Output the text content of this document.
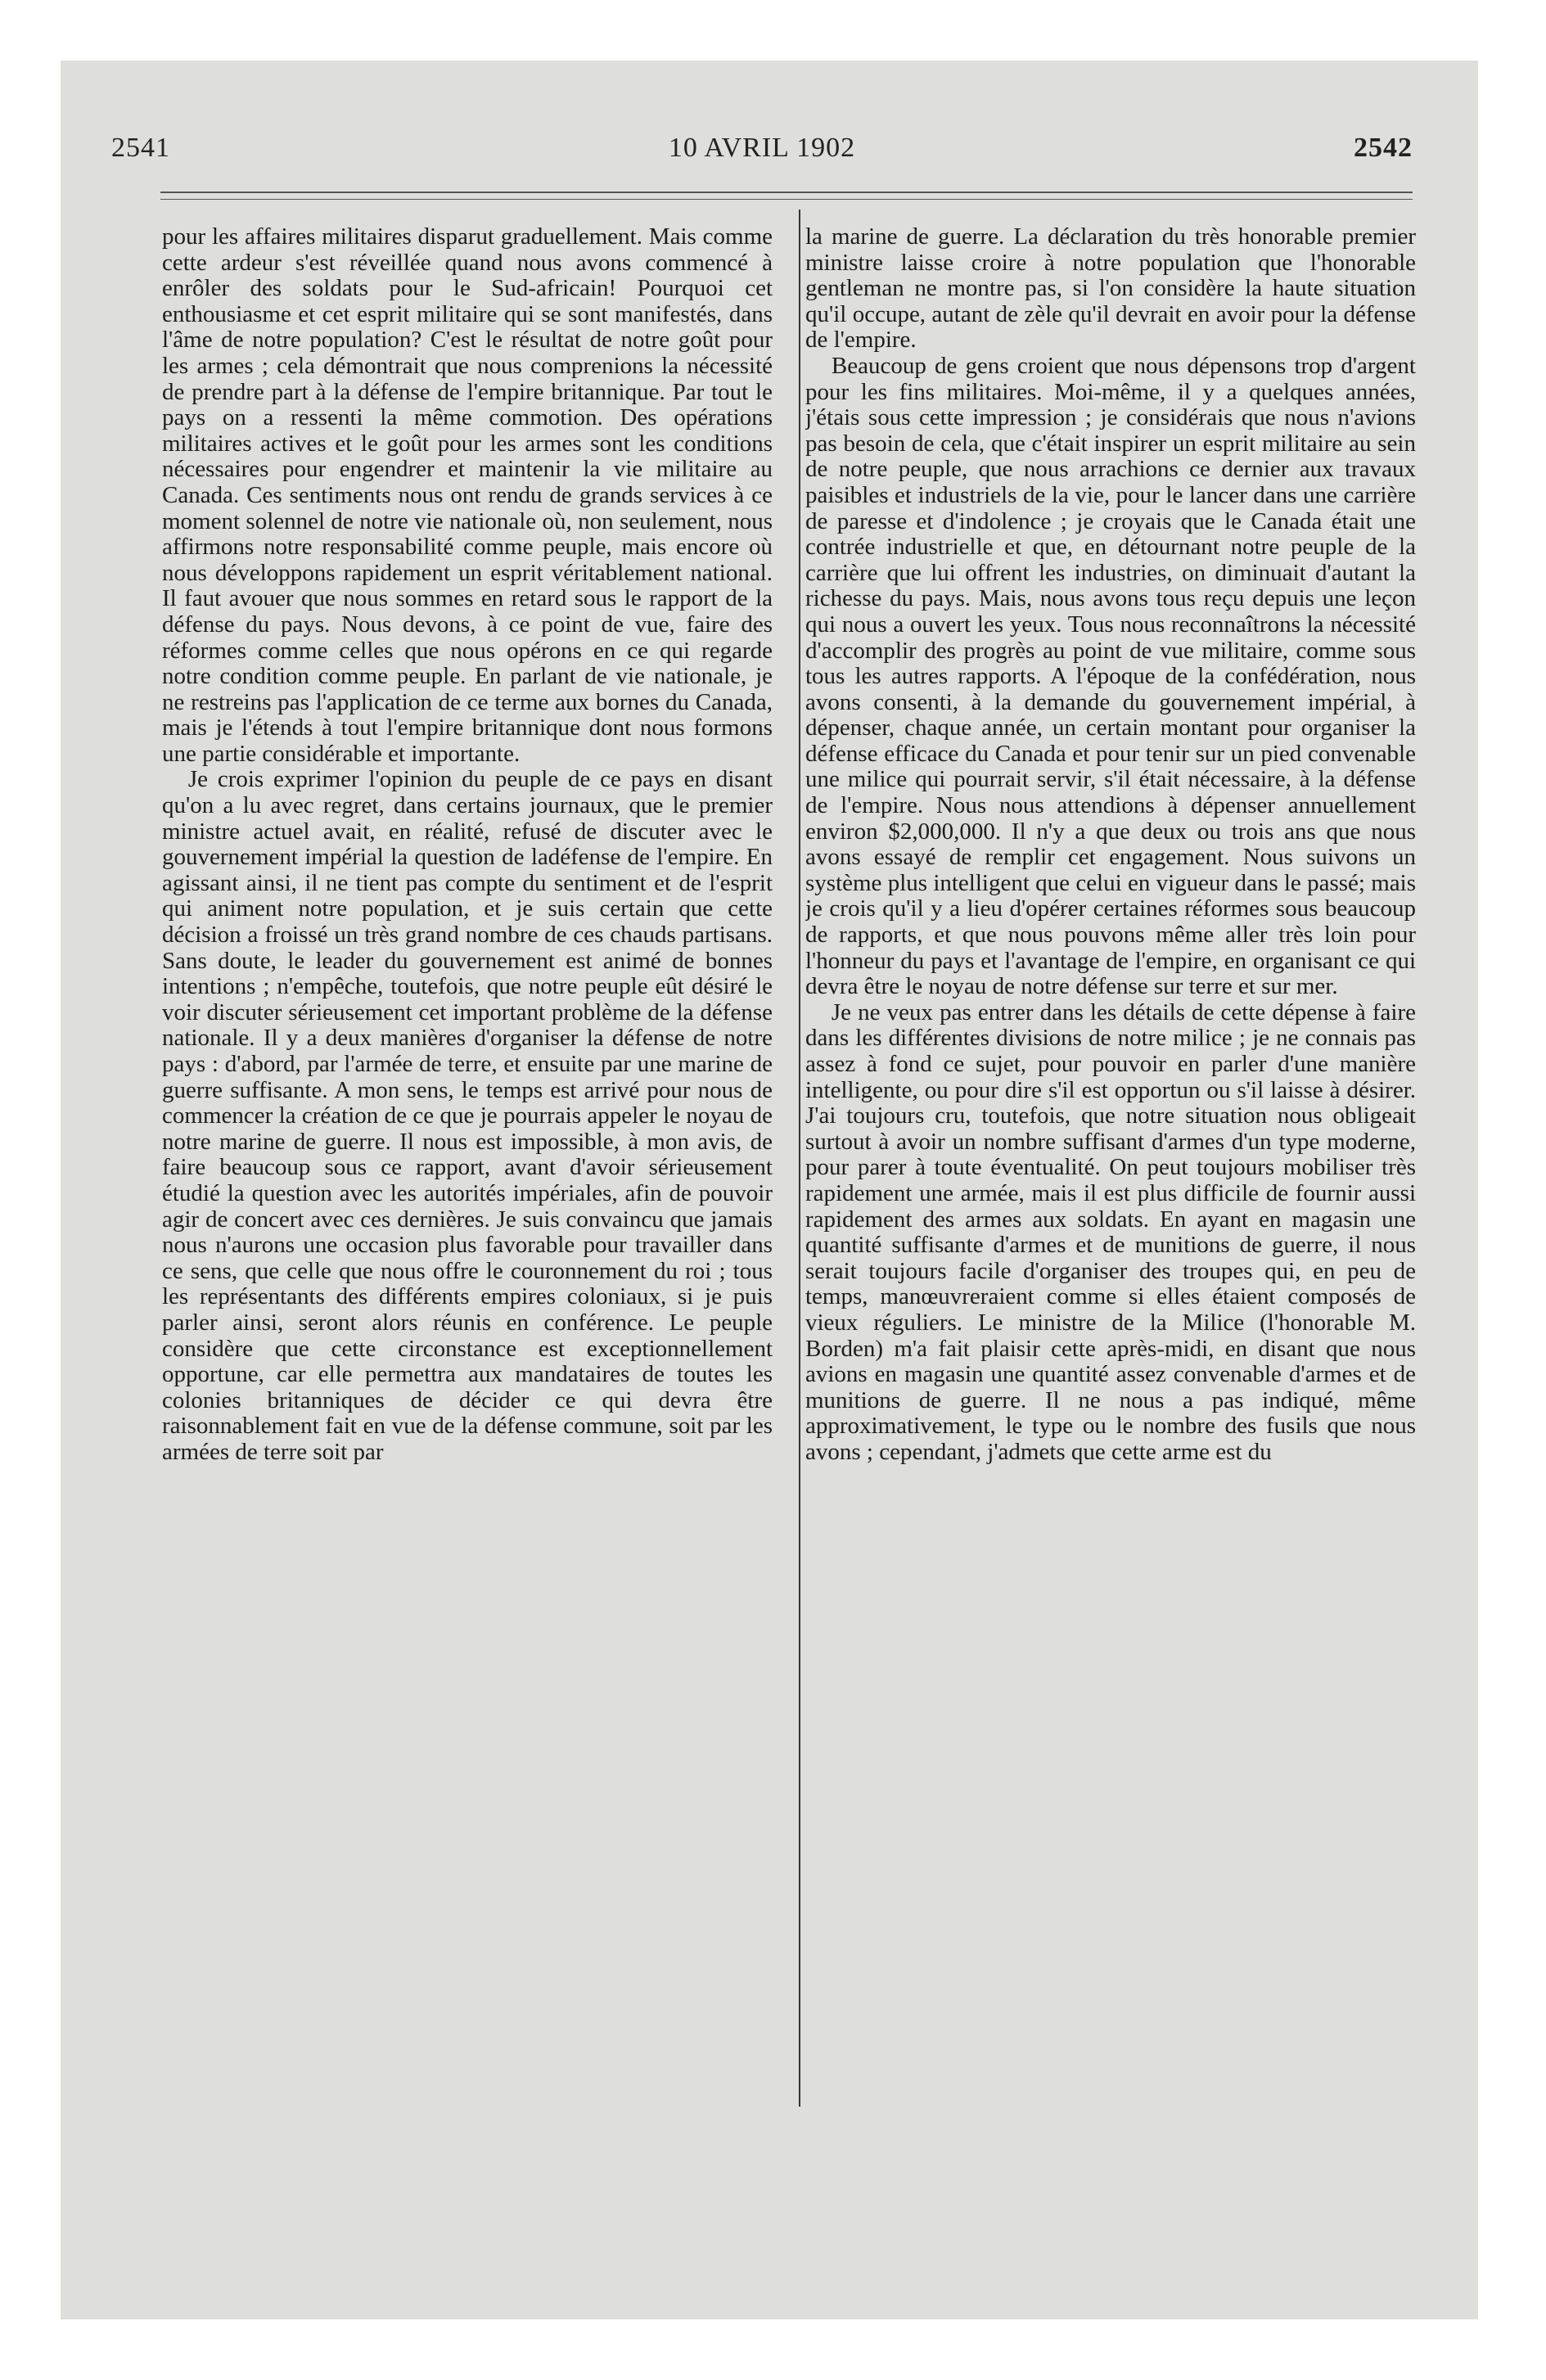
2541	10 AVRIL 1902	2542

pour les affaires militaires disparut graduellement. Mais comme cette ardeur s'est réveillée quand nous avons commencé à enrôler des soldats pour le Sud-africain! Pourquoi cet enthousiasme et cet esprit militaire qui se sont manifestés, dans l'âme de notre population? C'est le résultat de notre goût pour les armes ; cela démontrait que nous comprenions la nécessité de prendre part à la défense de l'empire britannique. Par tout le pays on a ressenti la même commotion. Des opérations militaires actives et le goût pour les armes sont les conditions nécessaires pour engendrer et maintenir la vie militaire au Canada. Ces sentiments nous ont rendu de grands services à ce moment solennel de notre vie nationale où, non seulement, nous affirmons notre responsabilité comme peuple, mais encore où nous développons rapidement un esprit véritablement national. Il faut avouer que nous sommes en retard sous le rapport de la défense du pays. Nous devons, à ce point de vue, faire des réformes comme celles que nous opérons en ce qui regarde notre condition comme peuple. En parlant de vie nationale, je ne restreins pas l'application de ce terme aux bornes du Canada, mais je l'étends à tout l'empire britannique dont nous formons une partie considérable et importante.

Je crois exprimer l'opinion du peuple de ce pays en disant qu'on a lu avec regret, dans certains journaux, que le premier ministre actuel avait, en réalité, refusé de discuter avec le gouvernement impérial la question de ladéfense de l'empire. En agissant ainsi, il ne tient pas compte du sentiment et de l'esprit qui animent notre population, et je suis certain que cette décision a froissé un très grand nombre de ces chauds partisans. Sans doute, le leader du gouvernement est animé de bonnes intentions ; n'empêche, toutefois, que notre peuple eût désiré le voir discuter sérieusement cet important problème de la défense nationale. Il y a deux manières d'organiser la défense de notre pays : d'abord, par l'armée de terre, et ensuite par une marine de guerre suffisante. A mon sens, le temps est arrivé pour nous de commencer la création de ce que je pourrais appeler le noyau de notre marine de guerre. Il nous est impossible, à mon avis, de faire beaucoup sous ce rapport, avant d'avoir sérieusement étudié la question avec les autorités impériales, afin de pouvoir agir de concert avec ces dernières. Je suis convaincu que jamais nous n'aurons une occasion plus favorable pour travailler dans ce sens, que celle que nous offre le couronnement du roi ; tous les représentants des différents empires coloniaux, si je puis parler ainsi, seront alors réunis en conférence. Le peuple considère que cette circonstance est exceptionnellement opportune, car elle permettra aux mandataires de toutes les colonies britanniques de décider ce qui devra être raisonnablement fait en vue de la défense commune, soit par les armées de terre soit par

la marine de guerre. La déclaration du très honorable premier ministre laisse croire à notre population que l'honorable gentleman ne montre pas, si l'on considère la haute situation qu'il occupe, autant de zèle qu'il devrait en avoir pour la défense de l'empire.

Beaucoup de gens croient que nous dépensons trop d'argent pour les fins militaires. Moi-même, il y a quelques années, j'étais sous cette impression ; je considérais que nous n'avions pas besoin de cela, que c'était inspirer un esprit militaire au sein de notre peuple, que nous arrachions ce dernier aux travaux paisibles et industriels de la vie, pour le lancer dans une carrière de paresse et d'indolence ; je croyais que le Canada était une contrée industrielle et que, en détournant notre peuple de la carrière que lui offrent les industries, on diminuait d'autant la richesse du pays. Mais, nous avons tous reçu depuis une leçon qui nous a ouvert les yeux. Tous nous reconnaîtrons la nécessité d'accomplir des progrès au point de vue militaire, comme sous tous les autres rapports. A l'époque de la confédération, nous avons consenti, à la demande du gouvernement impérial, à dépenser, chaque année, un certain montant pour organiser la défense efficace du Canada et pour tenir sur un pied convenable une milice qui pourrait servir, s'il était nécessaire, à la défense de l'empire. Nous nous attendions à dépenser annuellement environ $2,000,000. Il n'y a que deux ou trois ans que nous avons essayé de remplir cet engagement. Nous suivons un système plus intelligent que celui en vigueur dans le passé; mais je crois qu'il y a lieu d'opérer certaines réformes sous beaucoup de rapports, et que nous pouvons même aller très loin pour l'honneur du pays et l'avantage de l'empire, en organisant ce qui devra être le noyau de notre défense sur terre et sur mer.

Je ne veux pas entrer dans les détails de cette dépense à faire dans les différentes divisions de notre milice ; je ne connais pas assez à fond ce sujet, pour pouvoir en parler d'une manière intelligente, ou pour dire s'il est opportun ou s'il laisse à désirer. J'ai toujours cru, toutefois, que notre situation nous obligeait surtout à avoir un nombre suffisant d'armes d'un type moderne, pour parer à toute éventualité. On peut toujours mobiliser très rapidement une armée, mais il est plus difficile de fournir aussi rapidement des armes aux soldats. En ayant en magasin une quantité suffisante d'armes et de munitions de guerre, il nous serait toujours facile d'organiser des troupes qui, en peu de temps, manœuvreraient comme si elles étaient composés de vieux réguliers. Le ministre de la Milice (l'honorable M. Borden) m'a fait plaisir cette après-midi, en disant que nous avions en magasin une quantité assez convenable d'armes et de munitions de guerre. Il ne nous a pas indiqué, même approximativement, le type ou le nombre des fusils que nous avons ; cependant, j'admets que cette arme est du
